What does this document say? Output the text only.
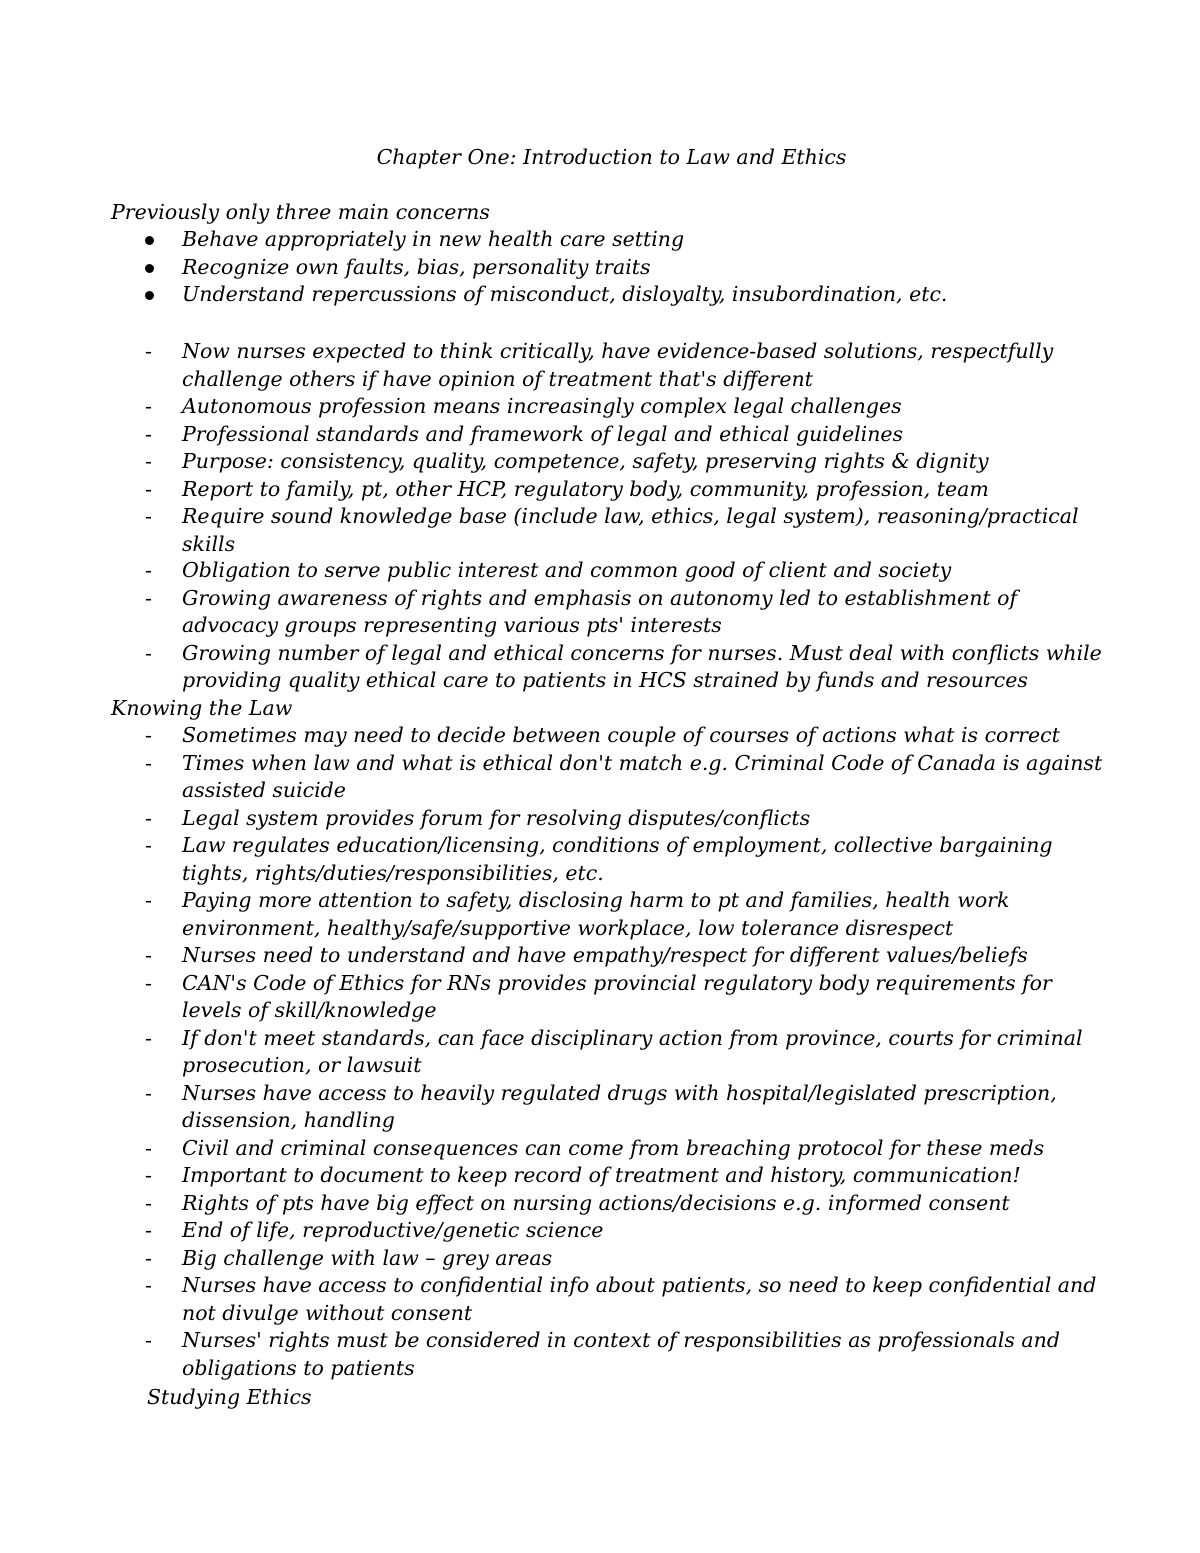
Chapter One: Introduction to Law and Ethics
Previously only three main concerns
Behave appropriately in new health care setting
Recognize own faults, bias, personality traits
Understand repercussions of misconduct, disloyalty, insubordination, etc.
- Now nurses expected to think critically, have evidence-based solutions, respectfully challenge others if have opinion of treatment that's different
- Autonomous profession means increasingly complex legal challenges
- Professional standards and framework of legal and ethical guidelines
- Purpose: consistency, quality, competence, safety, preserving rights & dignity
- Report to family, pt, other HCP, regulatory body, community, profession, team
- Require sound knowledge base (include law, ethics, legal system), reasoning/practical skills
- Obligation to serve public interest and common good of client and society
- Growing awareness of rights and emphasis on autonomy led to establishment of advocacy groups representing various pts' interests
- Growing number of legal and ethical concerns for nurses. Must deal with conflicts while providing quality ethical care to patients in HCS strained by funds and resources
Knowing the Law
- Sometimes may need to decide between couple of courses of actions what is correct
- Times when law and what is ethical don't match e.g. Criminal Code of Canada is against assisted suicide
- Legal system provides forum for resolving disputes/conflicts
- Law regulates education/licensing, conditions of employment, collective bargaining tights, rights/duties/responsibilities, etc.
- Paying more attention to safety, disclosing harm to pt and families, health work environment, healthy/safe/supportive workplace, low tolerance disrespect
- Nurses need to understand and have empathy/respect for different values/beliefs
- CAN's Code of Ethics for RNs provides provincial regulatory body requirements for levels of skill/knowledge
- If don't meet standards, can face disciplinary action from province, courts for criminal prosecution, or lawsuit
- Nurses have access to heavily regulated drugs with hospital/legislated prescription, dissension, handling
- Civil and criminal consequences can come from breaching protocol for these meds
- Important to document to keep record of treatment and history, communication!
- Rights of pts have big effect on nursing actions/decisions e.g. informed consent
- End of life, reproductive/genetic science
- Big challenge with law – grey areas
- Nurses have access to confidential info about patients, so need to keep confidential and not divulge without consent
- Nurses' rights must be considered in context of responsibilities as professionals and obligations to patients
Studying Ethics
